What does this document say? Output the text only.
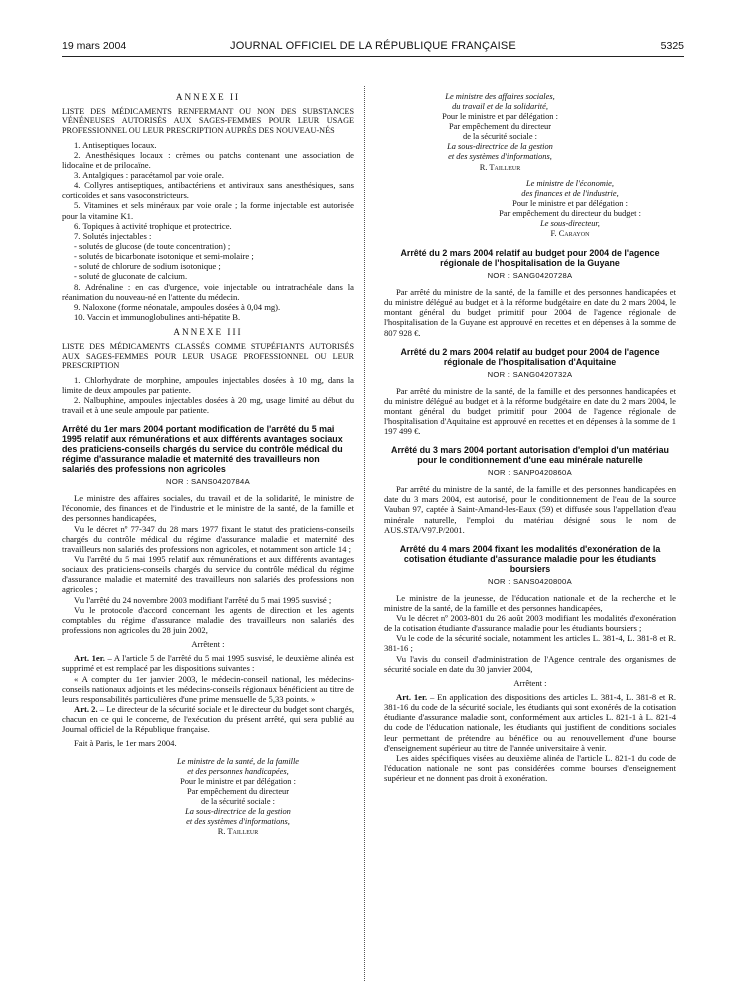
19 mars 2004	JOURNAL OFFICIEL DE LA RÉPUBLIQUE FRANÇAISE	5325
ANNEXE II
LISTE DES MÉDICAMENTS RENFERMANT OU NON DES SUBSTANCES VÉNÉNEUSES AUTORISÉS AUX SAGES-FEMMES POUR LEUR USAGE PROFESSIONNEL OU LEUR PRESCRIPTION AUPRÈS DES NOUVEAU-NÉS

1. Antiseptiques locaux.

2. Anesthésiques locaux : crèmes ou patchs contenant une association de lidocaïne et de prilocaïne.

3. Antalgiques : paracétamol par voie orale.

4. Collyres antiseptiques, antibactériens et antiviraux sans anesthésiques, sans corticoïdes et sans vasoconstricteurs.

5. Vitamines et sels minéraux par voie orale ; la forme injectable est autorisée pour la vitamine K1.

6. Topiques à activité trophique et protectrice.

7. Solutés injectables :

- solutés de glucose (de toute concentration) ;

- solutés de bicarbonate isotonique et semi-molaire ;

- soluté de chlorure de sodium isotonique ;

- soluté de gluconate de calcium.

8. Adrénaline : en cas d'urgence, voie injectable ou intratrachéale dans la réanimation du nouveau-né en l'attente du médecin.

9. Naloxone (forme néonatale, ampoules dosées à 0,04 mg).

10. Vaccin et immunoglobulines anti-hépatite B.

ANNEXE III
LISTE DES MÉDICAMENTS CLASSÉS COMME STUPÉFIANTS AUTORISÉS AUX SAGES-FEMMES POUR LEUR USAGE PROFESSIONNEL OU LEUR PRESCRIPTION

1. Chlorhydrate de morphine, ampoules injectables dosées à 10 mg, dans la limite de deux ampoules par patiente.

2. Nalbuphine, ampoules injectables dosées à 20 mg, usage limité au début du travail et à une seule ampoule par patiente.

Arrêté du 1er mars 2004 portant modification de l'arrêté du 5 mai 1995 relatif aux rémunérations et aux différents avantages sociaux des praticiens-conseils chargés du service du contrôle médical du régime d'assurance maladie et maternité des travailleurs non salariés des professions non agricoles
NOR : SANS0420784A

Le ministre des affaires sociales, du travail et de la solidarité, le ministre de l'économie, des finances et de l'industrie et le ministre de la santé, de la famille et des personnes handicapées,

Vu le décret nº 77-347 du 28 mars 1977 fixant le statut des praticiens-conseils chargés du contrôle médical du régime d'assurance maladie et maternité des travailleurs non salariés des professions non agricoles, et notamment son article 14 ;

Vu l'arrêté du 5 mai 1995 relatif aux rémunérations et aux différents avantages sociaux des praticiens-conseils chargés du service du contrôle médical du régime d'assurance maladie et maternité des travailleurs non salariés des professions non agricoles ;

Vu l'arrêté du 24 novembre 2003 modifiant l'arrêté du 5 mai 1995 susvisé ;

Vu le protocole d'accord concernant les agents de direction et les agents comptables du régime d'assurance maladie des travailleurs non salariés des professions non agricoles du 28 juin 2002,

Arrêtent :

Art. 1er. – A l'article 5 de l'arrêté du 5 mai 1995 susvisé, le deuxième alinéa est supprimé et est remplacé par les dispositions suivantes :

« A compter du 1er janvier 2003, le médecin-conseil national, les médecins-conseils nationaux adjoints et les médecins-conseils régionaux bénéficient au titre de leurs responsabilités particulières d'une prime mensuelle de 5,33 points. »

Art. 2. – Le directeur de la sécurité sociale et le directeur du budget sont chargés, chacun en ce qui le concerne, de l'exécution du présent arrêté, qui sera publié au Journal officiel de la République française.

Fait à Paris, le 1er mars 2004.

Le ministre de la santé, de la famille
et des personnes handicapées,
Pour le ministre et par délégation :
Par empêchement du directeur
de la sécurité sociale :
La sous-directrice de la gestion
et des systèmes d'informations,
R. Tailleur
Le ministre des affaires sociales,
du travail et de la solidarité,
Pour le ministre et par délégation :
Par empêchement du directeur
de la sécurité sociale :
La sous-directrice de la gestion
et des systèmes d'informations,
R. Tailleur
Le ministre de l'économie,
des finances et de l'industrie,
Pour le ministre et par délégation :
Par empêchement du directeur du budget :
Le sous-directeur,
F. Carayon
Arrêté du 2 mars 2004 relatif au budget pour 2004 de l'agence régionale de l'hospitalisation de la Guyane
NOR : SANG0420728A

Par arrêté du ministre de la santé, de la famille et des personnes handicapées et du ministre délégué au budget et à la réforme budgétaire en date du 2 mars 2004, le montant général du budget primitif pour 2004 de l'agence régionale de l'hospitalisation de la Guyane est approuvé en recettes et en dépenses à la somme de 807 928 €.

Arrêté du 2 mars 2004 relatif au budget pour 2004 de l'agence régionale de l'hospitalisation d'Aquitaine
NOR : SANG0420732A

Par arrêté du ministre de la santé, de la famille et des personnes handicapées et du ministre délégué au budget et à la réforme budgétaire en date du 2 mars 2004, le montant général du budget primitif pour 2004 de l'agence régionale de l'hospitalisation d'Aquitaine est approuvé en recettes et en dépenses à la somme de 1 197 499 €.

Arrêté du 3 mars 2004 portant autorisation d'emploi d'un matériau pour le conditionnement d'une eau minérale naturelle
NOR : SANP0420860A

Par arrêté du ministre de la santé, de la famille et des personnes handicapées en date du 3 mars 2004, est autorisé, pour le conditionnement de l'eau de la source Vauban 97, captée à Saint-Amand-les-Eaux (59) et diffusée sous l'appellation d'eau minérale naturelle, l'emploi du matériau désigné sous le nom de AUS.STA/V97.P/2001.

Arrêté du 4 mars 2004 fixant les modalités d'exonération de la cotisation étudiante d'assurance maladie pour les étudiants boursiers
NOR : SANS0420800A

Le ministre de la jeunesse, de l'éducation nationale et de la recherche et le ministre de la santé, de la famille et des personnes handicapées,

Vu le décret nº 2003-801 du 26 août 2003 modifiant les modalités d'exonération de la cotisation étudiante d'assurance maladie pour les étudiants boursiers ;

Vu le code de la sécurité sociale, notamment les articles L. 381-4, L. 381-8 et R. 381-16 ;

Vu l'avis du conseil d'administration de l'Agence centrale des organismes de sécurité sociale en date du 30 janvier 2004,

Arrêtent :

Art. 1er. – En application des dispositions des articles L. 381-4, L. 381-8 et R. 381-16 du code de la sécurité sociale, les étudiants qui sont exonérés de la cotisation étudiante d'assurance maladie sont, conformément aux articles L. 821-1 à L. 821-4 du code de l'éducation nationale, les étudiants qui justifient de conditions sociales leur permettant de prétendre au bénéfice ou au renouvellement d'une bourse d'enseignement supérieur au titre de l'année universitaire à venir.

Les aides spécifiques visées au deuxième alinéa de l'article L. 821-1 du code de l'éducation nationale ne sont pas considérées comme bourses d'enseignement supérieur et ne donnent pas droit à exonération.
